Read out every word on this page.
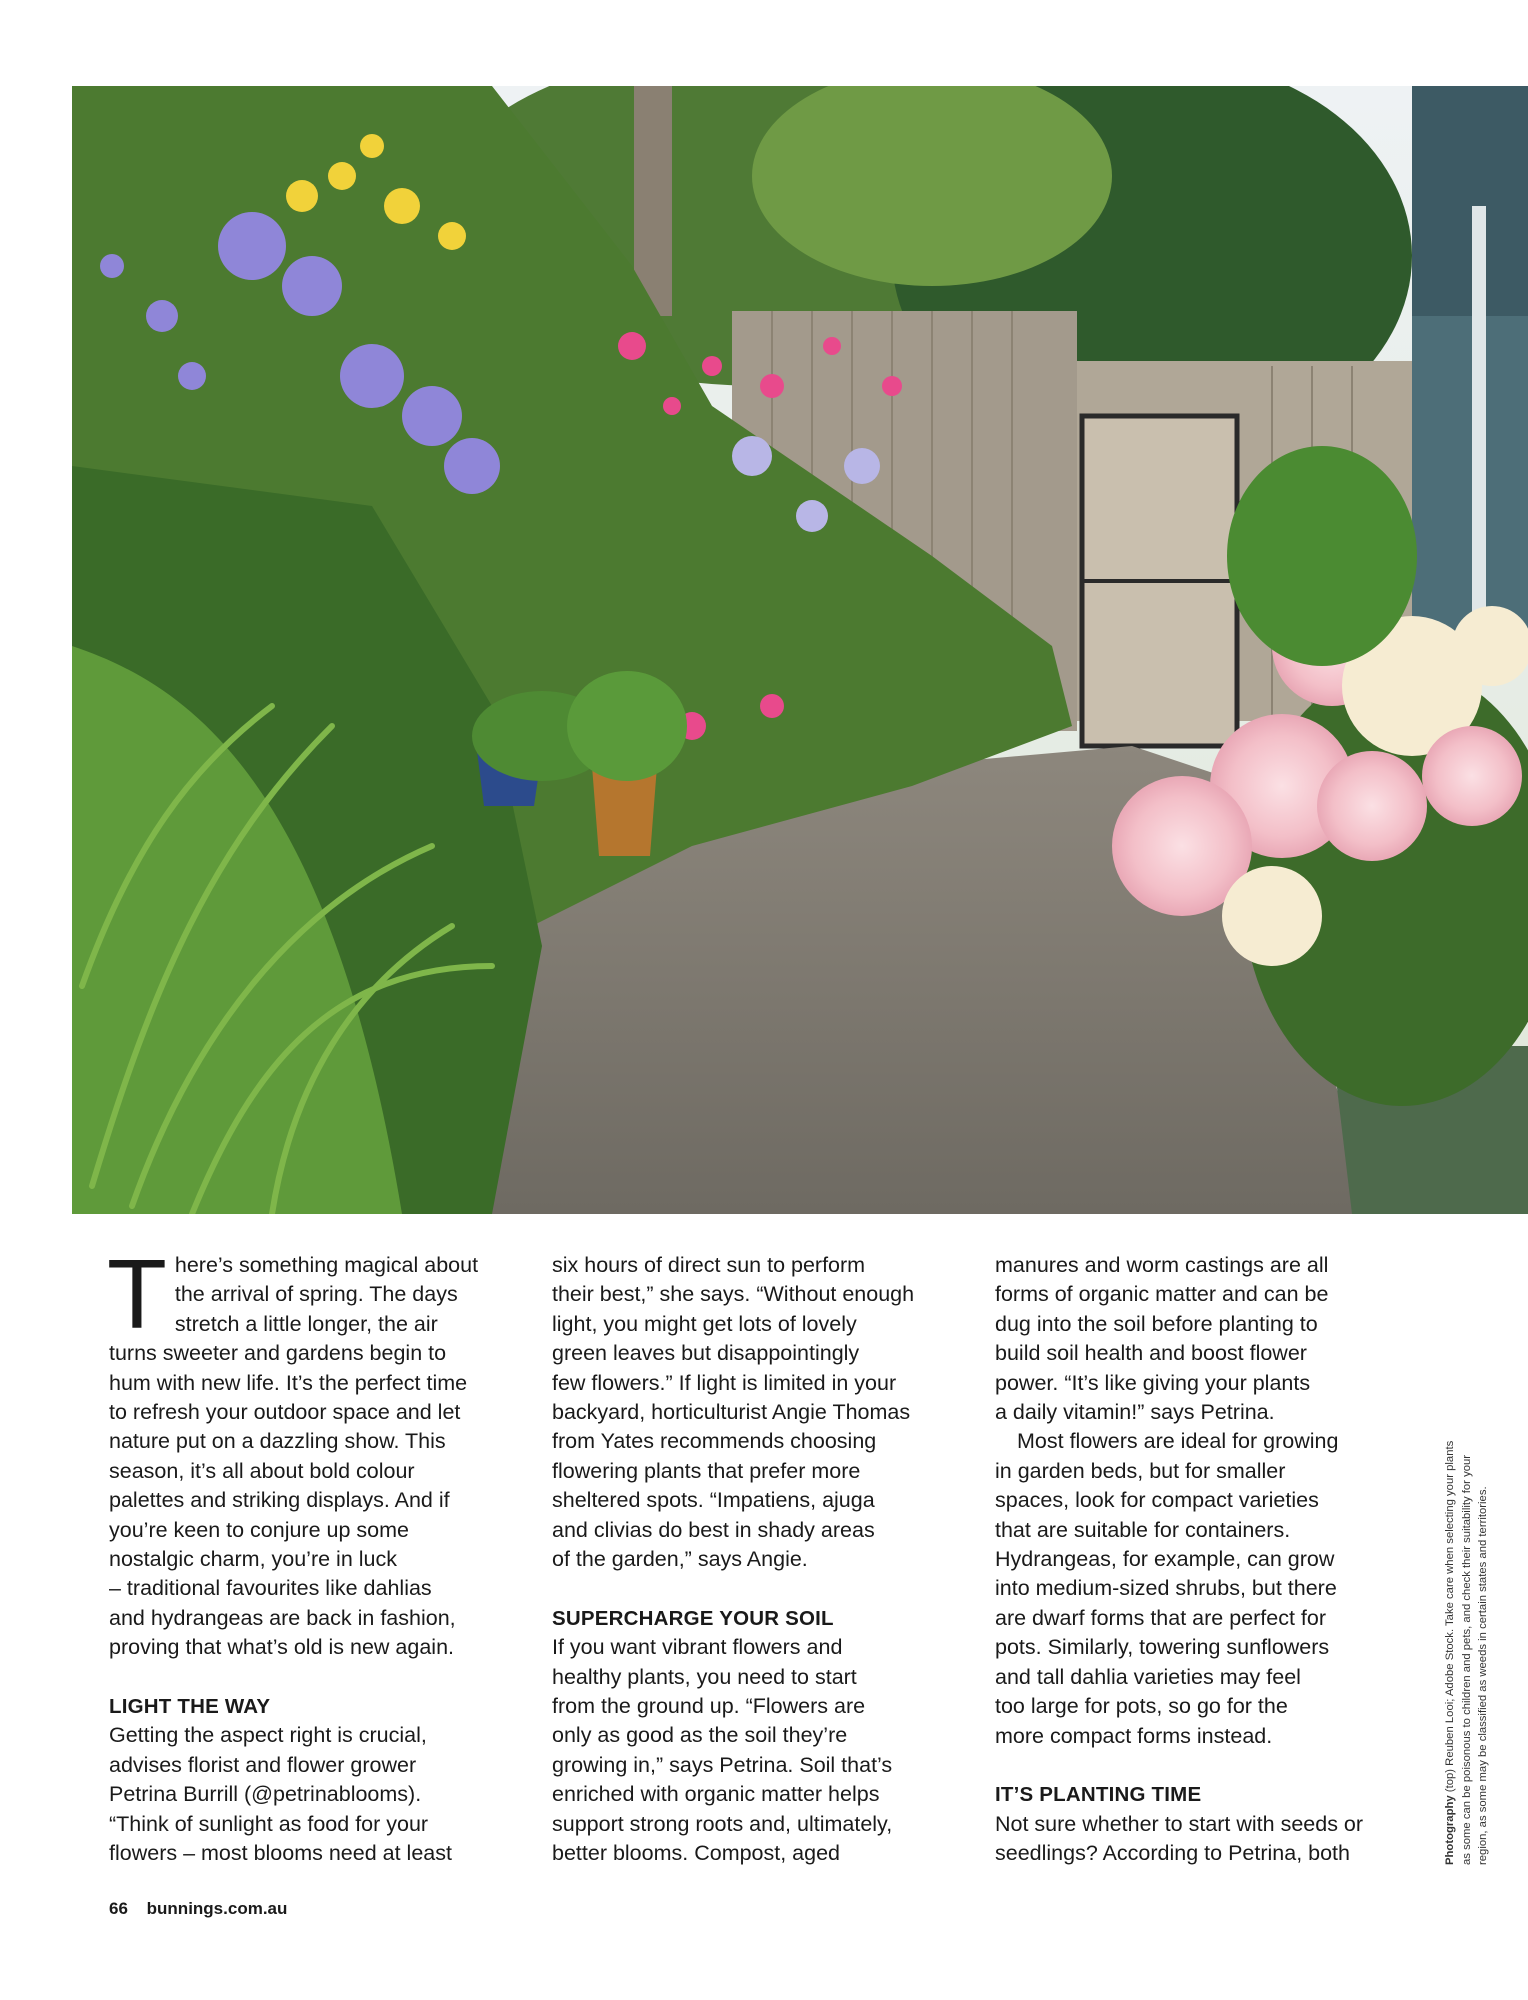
T here’s something magical about
the arrival of spring. The days
stretch a little longer, the air
turns sweeter and gardens begin to
hum with new life. It’s the perfect time
to refresh your outdoor space and let
nature put on a dazzling show. This
season, it’s all about bold colour
palettes and striking displays. And if
you’re keen to conjure up some
nostalgic charm, you’re in luck
– traditional favourites like dahlias
and hydrangeas are back in fashion,
proving that what’s old is new again.
LIGHT THE WAY
Getting the aspect right is crucial,
advises florist and flower grower
Petrina Burrill (@petrinablooms).
“Think of sunlight as food for your
flowers – most blooms need at least
six hours of direct sun to perform
their best,” she says. “Without enough
light, you might get lots of lovely
green leaves but disappointingly
few flowers.” If light is limited in your
backyard, horticulturist Angie Thomas
from Yates recommends choosing
flowering plants that prefer more
sheltered spots. “Impatiens, ajuga
and clivias do best in shady areas
of the garden,” says Angie.
SUPERCHARGE YOUR SOIL
If you want vibrant flowers and
healthy plants, you need to start
from the ground up. “Flowers are
only as good as the soil they’re
growing in,” says Petrina. Soil that’s
enriched with organic matter helps
support strong roots and, ultimately,
better blooms. Compost, aged
manures and worm castings are all
forms of organic matter and can be
dug into the soil before planting to
build soil health and boost flower
power. “It’s like giving your plants
a daily vitamin!” says Petrina.
Most flowers are ideal for growing
in garden beds, but for smaller
spaces, look for compact varieties
that are suitable for containers.
Hydrangeas, for example, can grow
into medium-sized shrubs, but there
are dwarf forms that are perfect for
pots. Similarly, towering sunflowers
and tall dahlia varieties may feel
too large for pots, so go for the
more compact forms instead.
IT’S PLANTING TIME
Not sure whether to start with seeds or
seedlings? According to Petrina, both	Photography (top) Reuben Looi; Adobe Stock. Take care when selecting your plants as some can be poisonous to children and pets, and check their suitability for your region, as some may be classified as weeds in certain states and territories.
66 bunnings.com.au
